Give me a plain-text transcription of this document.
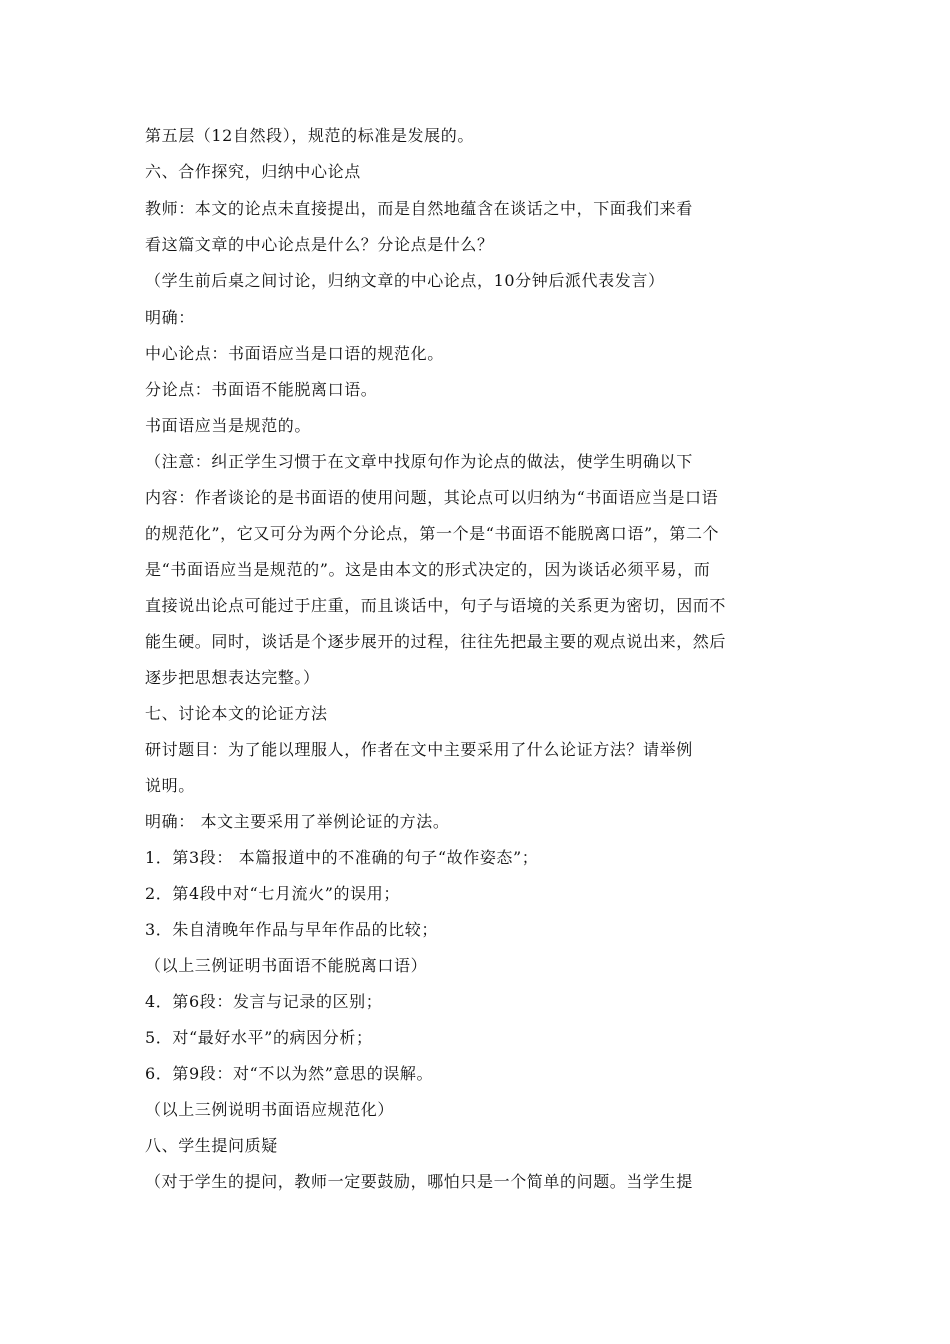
第五层（12自然段），规范的标准是发展的。
六、合作探究，归纳中心论点
教师：本文的论点未直接提出，而是自然地蕴含在谈话之中，下面我们来看
看这篇文章的中心论点是什么？分论点是什么？
（学生前后桌之间讨论，归纳文章的中心论点，10分钟后派代表发言）
明确：
中心论点：书面语应当是口语的规范化。
分论点：书面语不能脱离口语。
书面语应当是规范的。
（注意：纠正学生习惯于在文章中找原句作为论点的做法，使学生明确以下
内容：作者谈论的是书面语的使用问题，其论点可以归纳为“书面语应当是口语
的规范化”，它又可分为两个分论点，第一个是“书面语不能脱离口语”，第二个
是“书面语应当是规范的”。这是由本文的形式决定的，因为谈话必须平易，而
直接说出论点可能过于庄重，而且谈话中，句子与语境的关系更为密切，因而不
能生硬。同时，谈话是个逐步展开的过程，往往先把最主要的观点说出来，然后
逐步把思想表达完整。）
七、讨论本文的论证方法
研讨题目：为了能以理服人，作者在文中主要采用了什么论证方法？请举例
说明。
明确： 本文主要采用了举例论证的方法。
1．第3段： 本篇报道中的不准确的句子“故作姿态”；
2．第4段中对“七月流火”的误用；
3．朱自清晚年作品与早年作品的比较；
（以上三例证明书面语不能脱离口语）
4．第6段：发言与记录的区别；
5．对“最好水平”的病因分析；
6．第9段：对“不以为然”意思的误解。
（以上三例说明书面语应规范化）
八、学生提问质疑
（对于学生的提问，教师一定要鼓励，哪怕只是一个简单的问题。当学生提
